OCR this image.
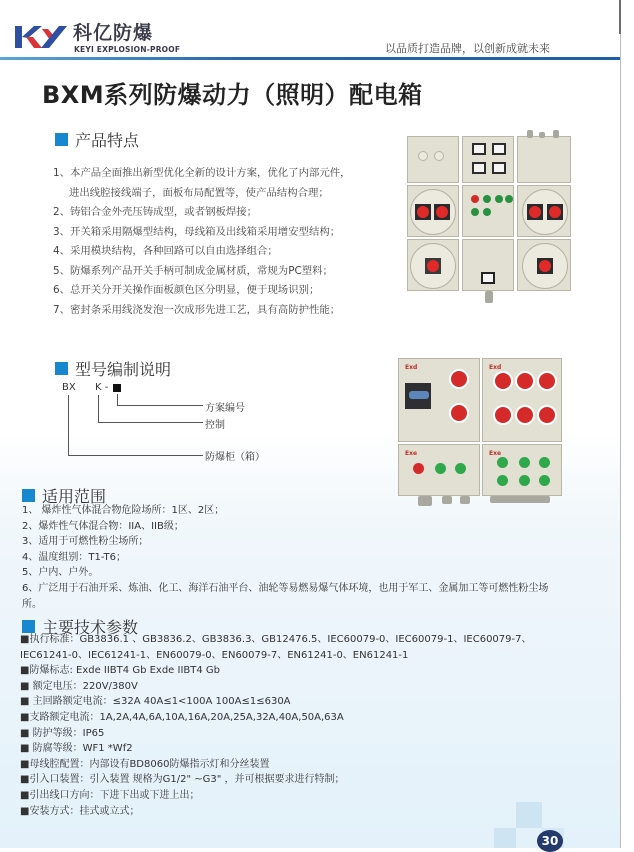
科亿防爆
KEYI EXPLOSION-PROOF	以品质打造品牌，以创新成就未来
BXM系列防爆动力（照明）配电箱
产品特点
1、本产品全面推出新型优化全新的设计方案，优化了内部元件，
进出线腔接线端子，面板布局配置等，使产品结构合理；
2、铸铝合金外壳压铸成型，或者钢板焊接；
3、开关箱采用隔爆型结构，母线箱及出线箱采用增安型结构；
4、采用模块结构，各种回路可以自由选择组合；
5、防爆系列产品开关手柄可制成金属材质，常规为PC塑料；
6、总开关分开关操作面板颜色区分明显，便于现场识别；
7、密封条采用线浇发泡一次成形先进工艺，具有高防护性能；
型号编制说明
BX K -
方案编号
控制
防爆柜（箱）
Exd	Exd
Exe	Exe
适用范围
1、 爆炸性气体混合物危险场所：1区、2区；
2、爆炸性气体混合物：IIA、IIB级；
3、适用于可燃性粉尘场所；
4、温度组别：T1-T6；
5、户内、户外。
6、广泛用于石油开采、炼油、化工、海洋石油平台、油轮等易燃易爆气体环境，也用于军工、金属加工等可燃性粉尘场所。
主要技术参数
■执行标准：GB3836.1 、GB3836.2、GB3836.3、GB12476.5、IEC60079-0、IEC60079-1、IEC60079-7、IEC61241-0、IEC61241-1、EN60079-0、EN60079-7、EN61241-0、EN61241-1
■防爆标志: Exde IIBT4 Gb Exde IIBT4 Gb
■ 额定电压：220V/380V
■ 主回路额定电流：≤32A 40A≤1<100A 100A≤1≤630A
■支路额定电流：1A,2A,4A,6A,10A,16A,20A,25A,32A,40A,50A,63A
■ 防护等级：IP65
■ 防腐等级：WF1 *Wf2
■母线腔配置：内部设有BD8060防爆指示灯和分丝装置
■引入口装置：引入装置 规格为G1/2" ~G3" ，并可根据要求进行特制；
■引出线口方向：下进下出或下进上出；
■安装方式：挂式或立式；
30
